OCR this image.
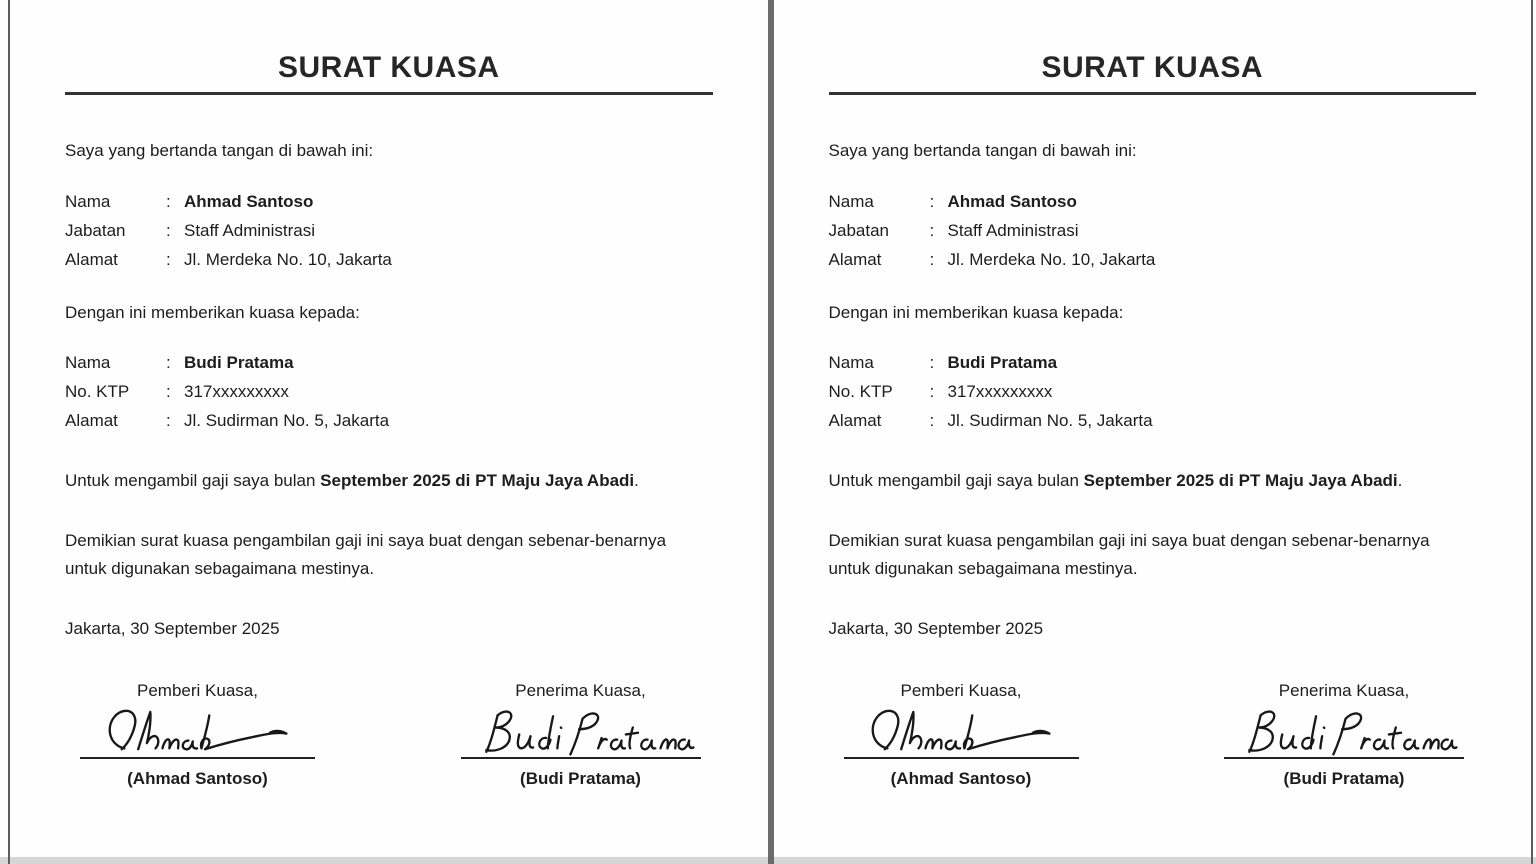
SURAT KUASA

Saya yang bertanda tangan di bawah ini:

Nama	: Ahmad Santoso
Jabatan	: Staff Administrasi
Alamat	: Jl. Merdeka No. 10, Jakarta

Dengan ini memberikan kuasa kepada:

Nama	: Budi Pratama
No. KTP	: 317xxxxxxxxx
Alamat	: Jl. Sudirman No. 5, Jakarta

Untuk mengambil gaji saya bulan September 2025 di PT Maju Jaya Abadi.

Demikian surat kuasa pengambilan gaji ini saya buat dengan sebenar-benarnya
untuk digunakan sebagaimana mestinya.

Jakarta, 30 September 2025

Pemberi Kuasa,
(Ahmad Santoso)
Penerima Kuasa,
(Budi Pratama)
SURAT KUASA

Saya yang bertanda tangan di bawah ini:

Nama	: Ahmad Santoso
Jabatan	: Staff Administrasi
Alamat	: Jl. Merdeka No. 10, Jakarta

Dengan ini memberikan kuasa kepada:

Nama	: Budi Pratama
No. KTP	: 317xxxxxxxxx
Alamat	: Jl. Sudirman No. 5, Jakarta

Untuk mengambil gaji saya bulan September 2025 di PT Maju Jaya Abadi.

Demikian surat kuasa pengambilan gaji ini saya buat dengan sebenar-benarnya
untuk digunakan sebagaimana mestinya.

Jakarta, 30 September 2025

Pemberi Kuasa,
(Ahmad Santoso)
Penerima Kuasa,
(Budi Pratama)
